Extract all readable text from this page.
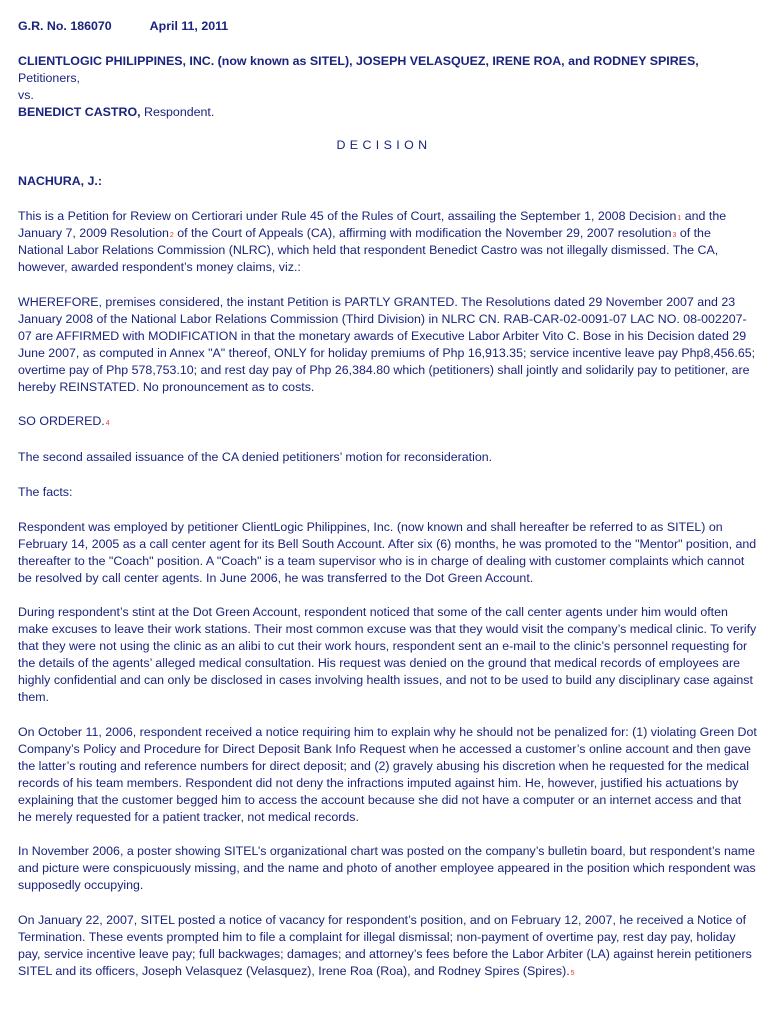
G.R. No. 186070	April 11, 2011
CLIENTLOGIC PHILIPPINES, INC. (now known as SITEL), JOSEPH VELASQUEZ, IRENE ROA, and RODNEY SPIRES, Petitioners,
vs.
BENEDICT CASTRO, Respondent.
DECISION
NACHURA, J.:
This is a Petition for Review on Certiorari under Rule 45 of the Rules of Court, assailing the September 1, 2008 Decision$^1$ and the January 7, 2009 Resolution$^2$ of the Court of Appeals (CA), affirming with modification the November 29, 2007 resolution$^3$ of the National Labor Relations Commission (NLRC), which held that respondent Benedict Castro was not illegally dismissed. The CA, however, awarded respondent’s money claims, viz.:
WHEREFORE, premises considered, the instant Petition is PARTLY GRANTED. The Resolutions dated 29 November 2007 and 23 January 2008 of the National Labor Relations Commission (Third Division) in NLRC CN. RAB-CAR-02-0091-07 LAC NO. 08-002207-07 are AFFIRMED with MODIFICATION in that the monetary awards of Executive Labor Arbiter Vito C. Bose in his Decision dated 29 June 2007, as computed in Annex "A" thereof, ONLY for holiday premiums of Php 16,913.35; service incentive leave pay Php8,456.65; overtime pay of Php 578,753.10; and rest day pay of Php 26,384.80 which (petitioners) shall jointly and solidarily pay to petitioner, are hereby REINSTATED. No pronouncement as to costs.
SO ORDERED.$^4$
The second assailed issuance of the CA denied petitioners’ motion for reconsideration.
The facts:
Respondent was employed by petitioner ClientLogic Philippines, Inc. (now known and shall hereafter be referred to as SITEL) on February 14, 2005 as a call center agent for its Bell South Account. After six (6) months, he was promoted to the "Mentor" position, and thereafter to the "Coach" position. A "Coach" is a team supervisor who is in charge of dealing with customer complaints which cannot be resolved by call center agents. In June 2006, he was transferred to the Dot Green Account.
During respondent’s stint at the Dot Green Account, respondent noticed that some of the call center agents under him would often make excuses to leave their work stations. Their most common excuse was that they would visit the company’s medical clinic. To verify that they were not using the clinic as an alibi to cut their work hours, respondent sent an e-mail to the clinic’s personnel requesting for the details of the agents’ alleged medical consultation. His request was denied on the ground that medical records of employees are highly confidential and can only be disclosed in cases involving health issues, and not to be used to build any disciplinary case against them.
On October 11, 2006, respondent received a notice requiring him to explain why he should not be penalized for: (1) violating Green Dot Company’s Policy and Procedure for Direct Deposit Bank Info Request when he accessed a customer’s online account and then gave the latter’s routing and reference numbers for direct deposit; and (2) gravely abusing his discretion when he requested for the medical records of his team members. Respondent did not deny the infractions imputed against him. He, however, justified his actuations by explaining that the customer begged him to access the account because she did not have a computer or an internet access and that he merely requested for a patient tracker, not medical records.
In November 2006, a poster showing SITEL’s organizational chart was posted on the company’s bulletin board, but respondent’s name and picture were conspicuously missing, and the name and photo of another employee appeared in the position which respondent was supposedly occupying.
On January 22, 2007, SITEL posted a notice of vacancy for respondent’s position, and on February 12, 2007, he received a Notice of Termination. These events prompted him to file a complaint for illegal dismissal; non-payment of overtime pay, rest day pay, holiday pay, service incentive leave pay; full backwages; damages; and attorney’s fees before the Labor Arbiter (LA) against herein petitioners SITEL and its officers, Joseph Velasquez (Velasquez), Irene Roa (Roa), and Rodney Spires (Spires).$^5$
